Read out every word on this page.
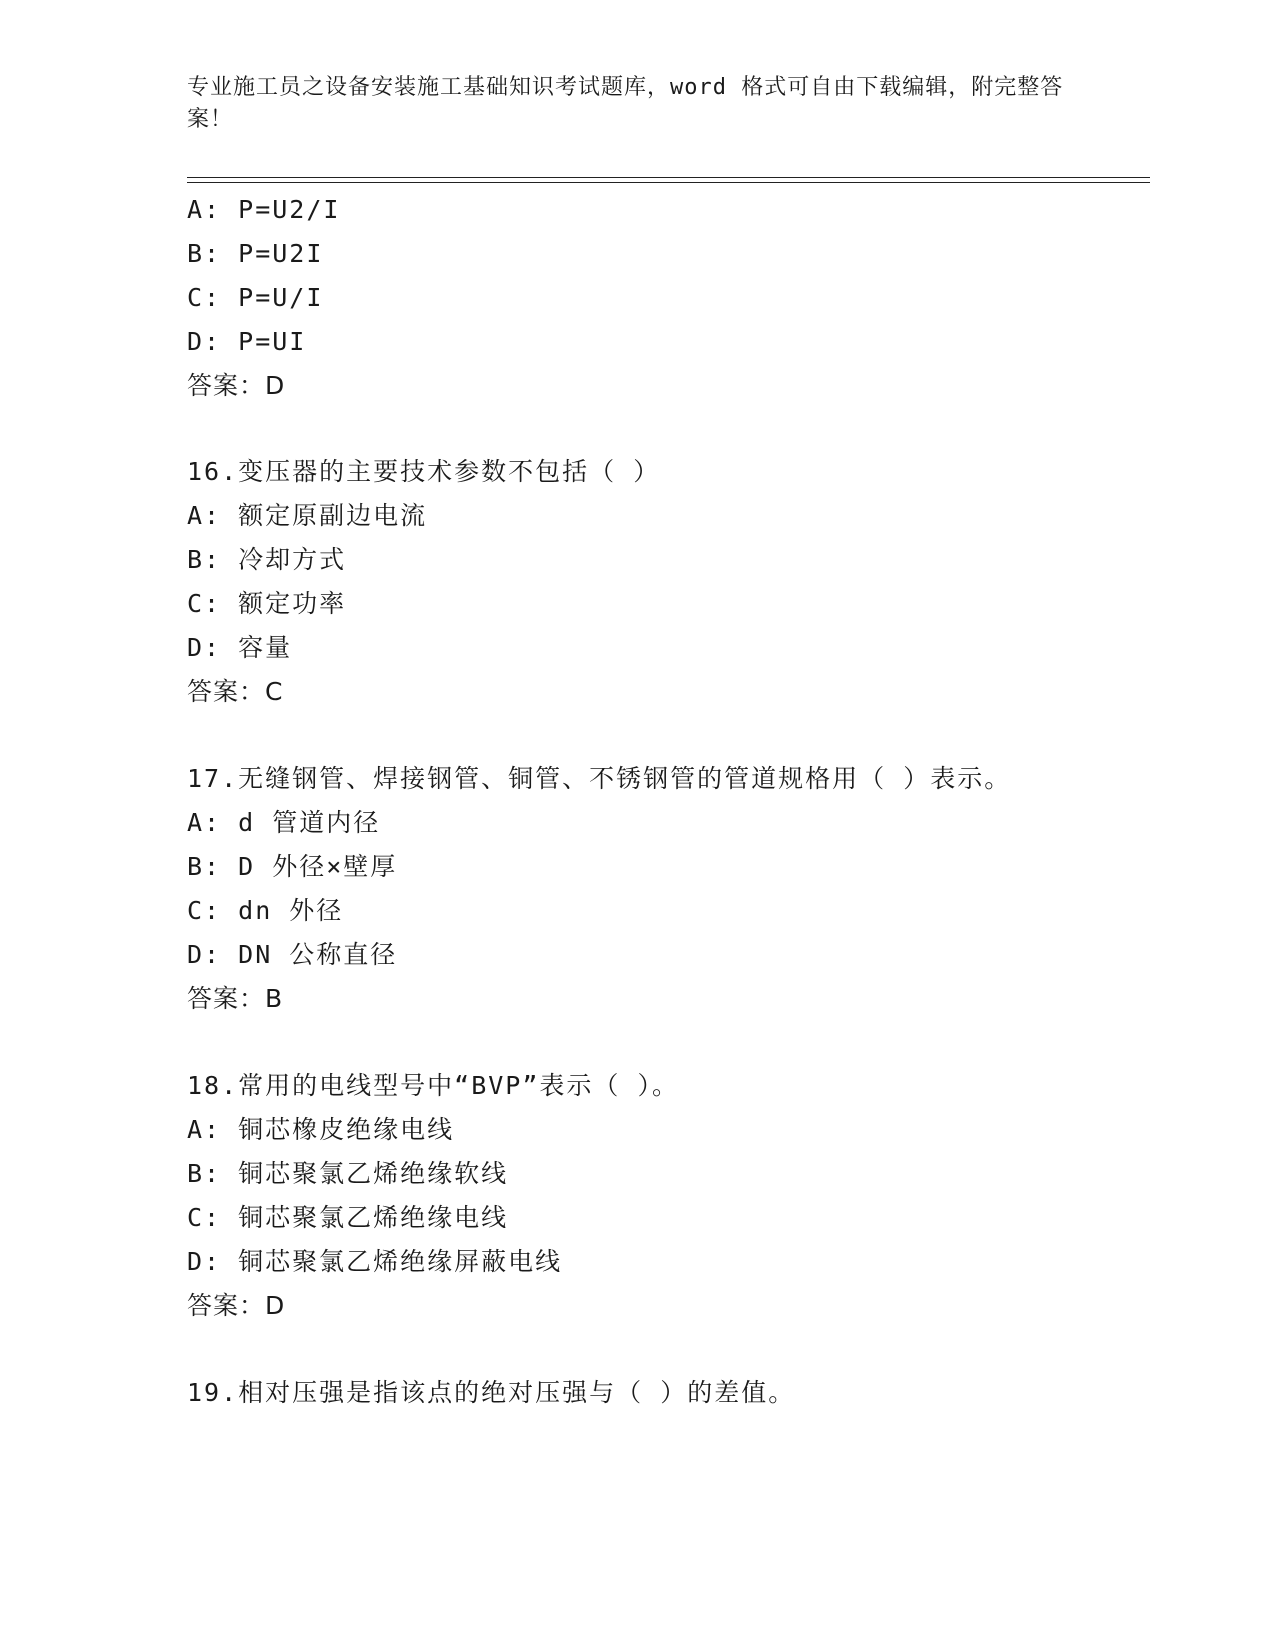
专业施工员之设备安装施工基础知识考试题库，word 格式可自由下载编辑，附完整答案！
A: P=U2/I
B: P=U2I
C: P=U/I
D: P=UI
答案：D
16.变压器的主要技术参数不包括（ ）
A: 额定原副边电流
B: 冷却方式
C: 额定功率
D: 容量
答案：C
17.无缝钢管、焊接钢管、铜管、不锈钢管的管道规格用（ ）表示。
A: d 管道内径
B: D 外径×壁厚
C: dn 外径
D: DN 公称直径
答案：B
18.常用的电线型号中“BVP”表示（ ）。
A: 铜芯橡皮绝缘电线
B: 铜芯聚氯乙烯绝缘软线
C: 铜芯聚氯乙烯绝缘电线
D: 铜芯聚氯乙烯绝缘屏蔽电线
答案：D
19.相对压强是指该点的绝对压强与（ ）的差值。
